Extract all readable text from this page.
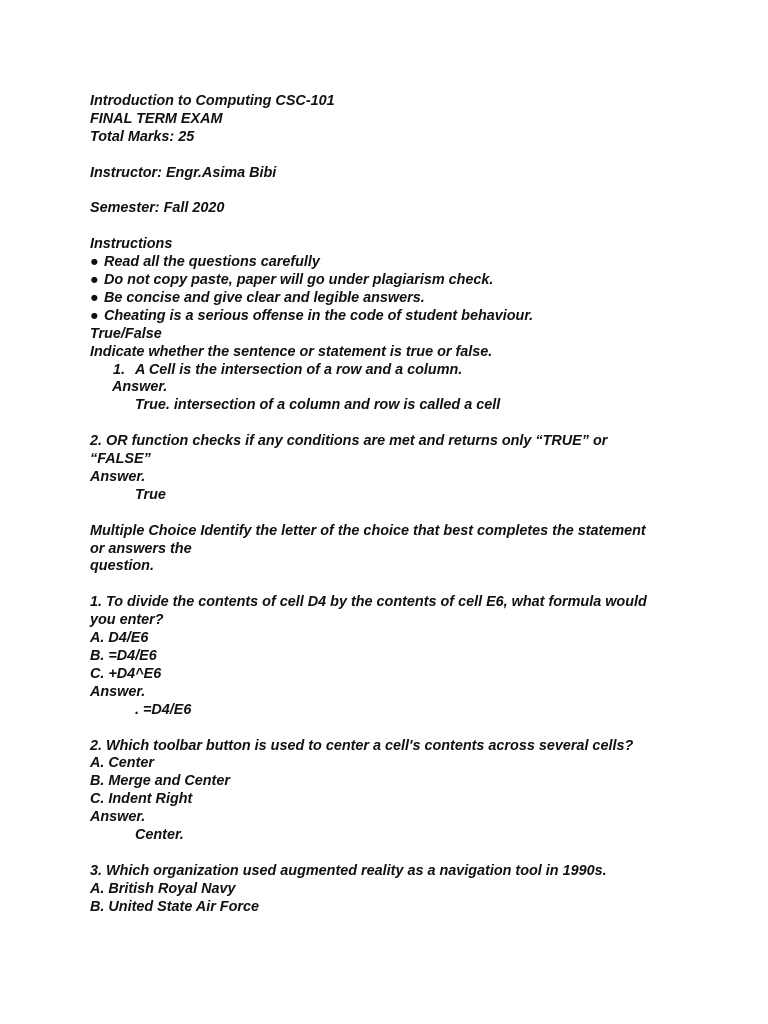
Introduction to Computing CSC-101
FINAL TERM EXAM
Total Marks: 25
Instructor: Engr.Asima Bibi
Semester: Fall 2020
Instructions
● Read all the questions carefully
● Do not copy paste, paper will go under plagiarism check.
● Be concise and give clear and legible answers.
● Cheating is a serious offense in the code of student behaviour.
True/False
Indicate whether the sentence or statement is true or false.
1. A Cell is the intersection of a row and a column.
Answer.
True. intersection of a column and row is called a cell
2. OR function checks if any conditions are met and returns only “TRUE” or
“FALSE”
Answer.
True
Multiple Choice Identify the letter of the choice that best completes the statement
or answers the
question.
1. To divide the contents of cell D4 by the contents of cell E6, what formula would
you enter?
A. D4/E6
B. =D4/E6
C. +D4^E6
Answer.
. =D4/E6
2. Which toolbar button is used to center a cell's contents across several cells?
A. Center
B. Merge and Center
C. Indent Right
Answer.
Center.
3. Which organization used augmented reality as a navigation tool in 1990s.
A. British Royal Navy
B. United State Air Force
